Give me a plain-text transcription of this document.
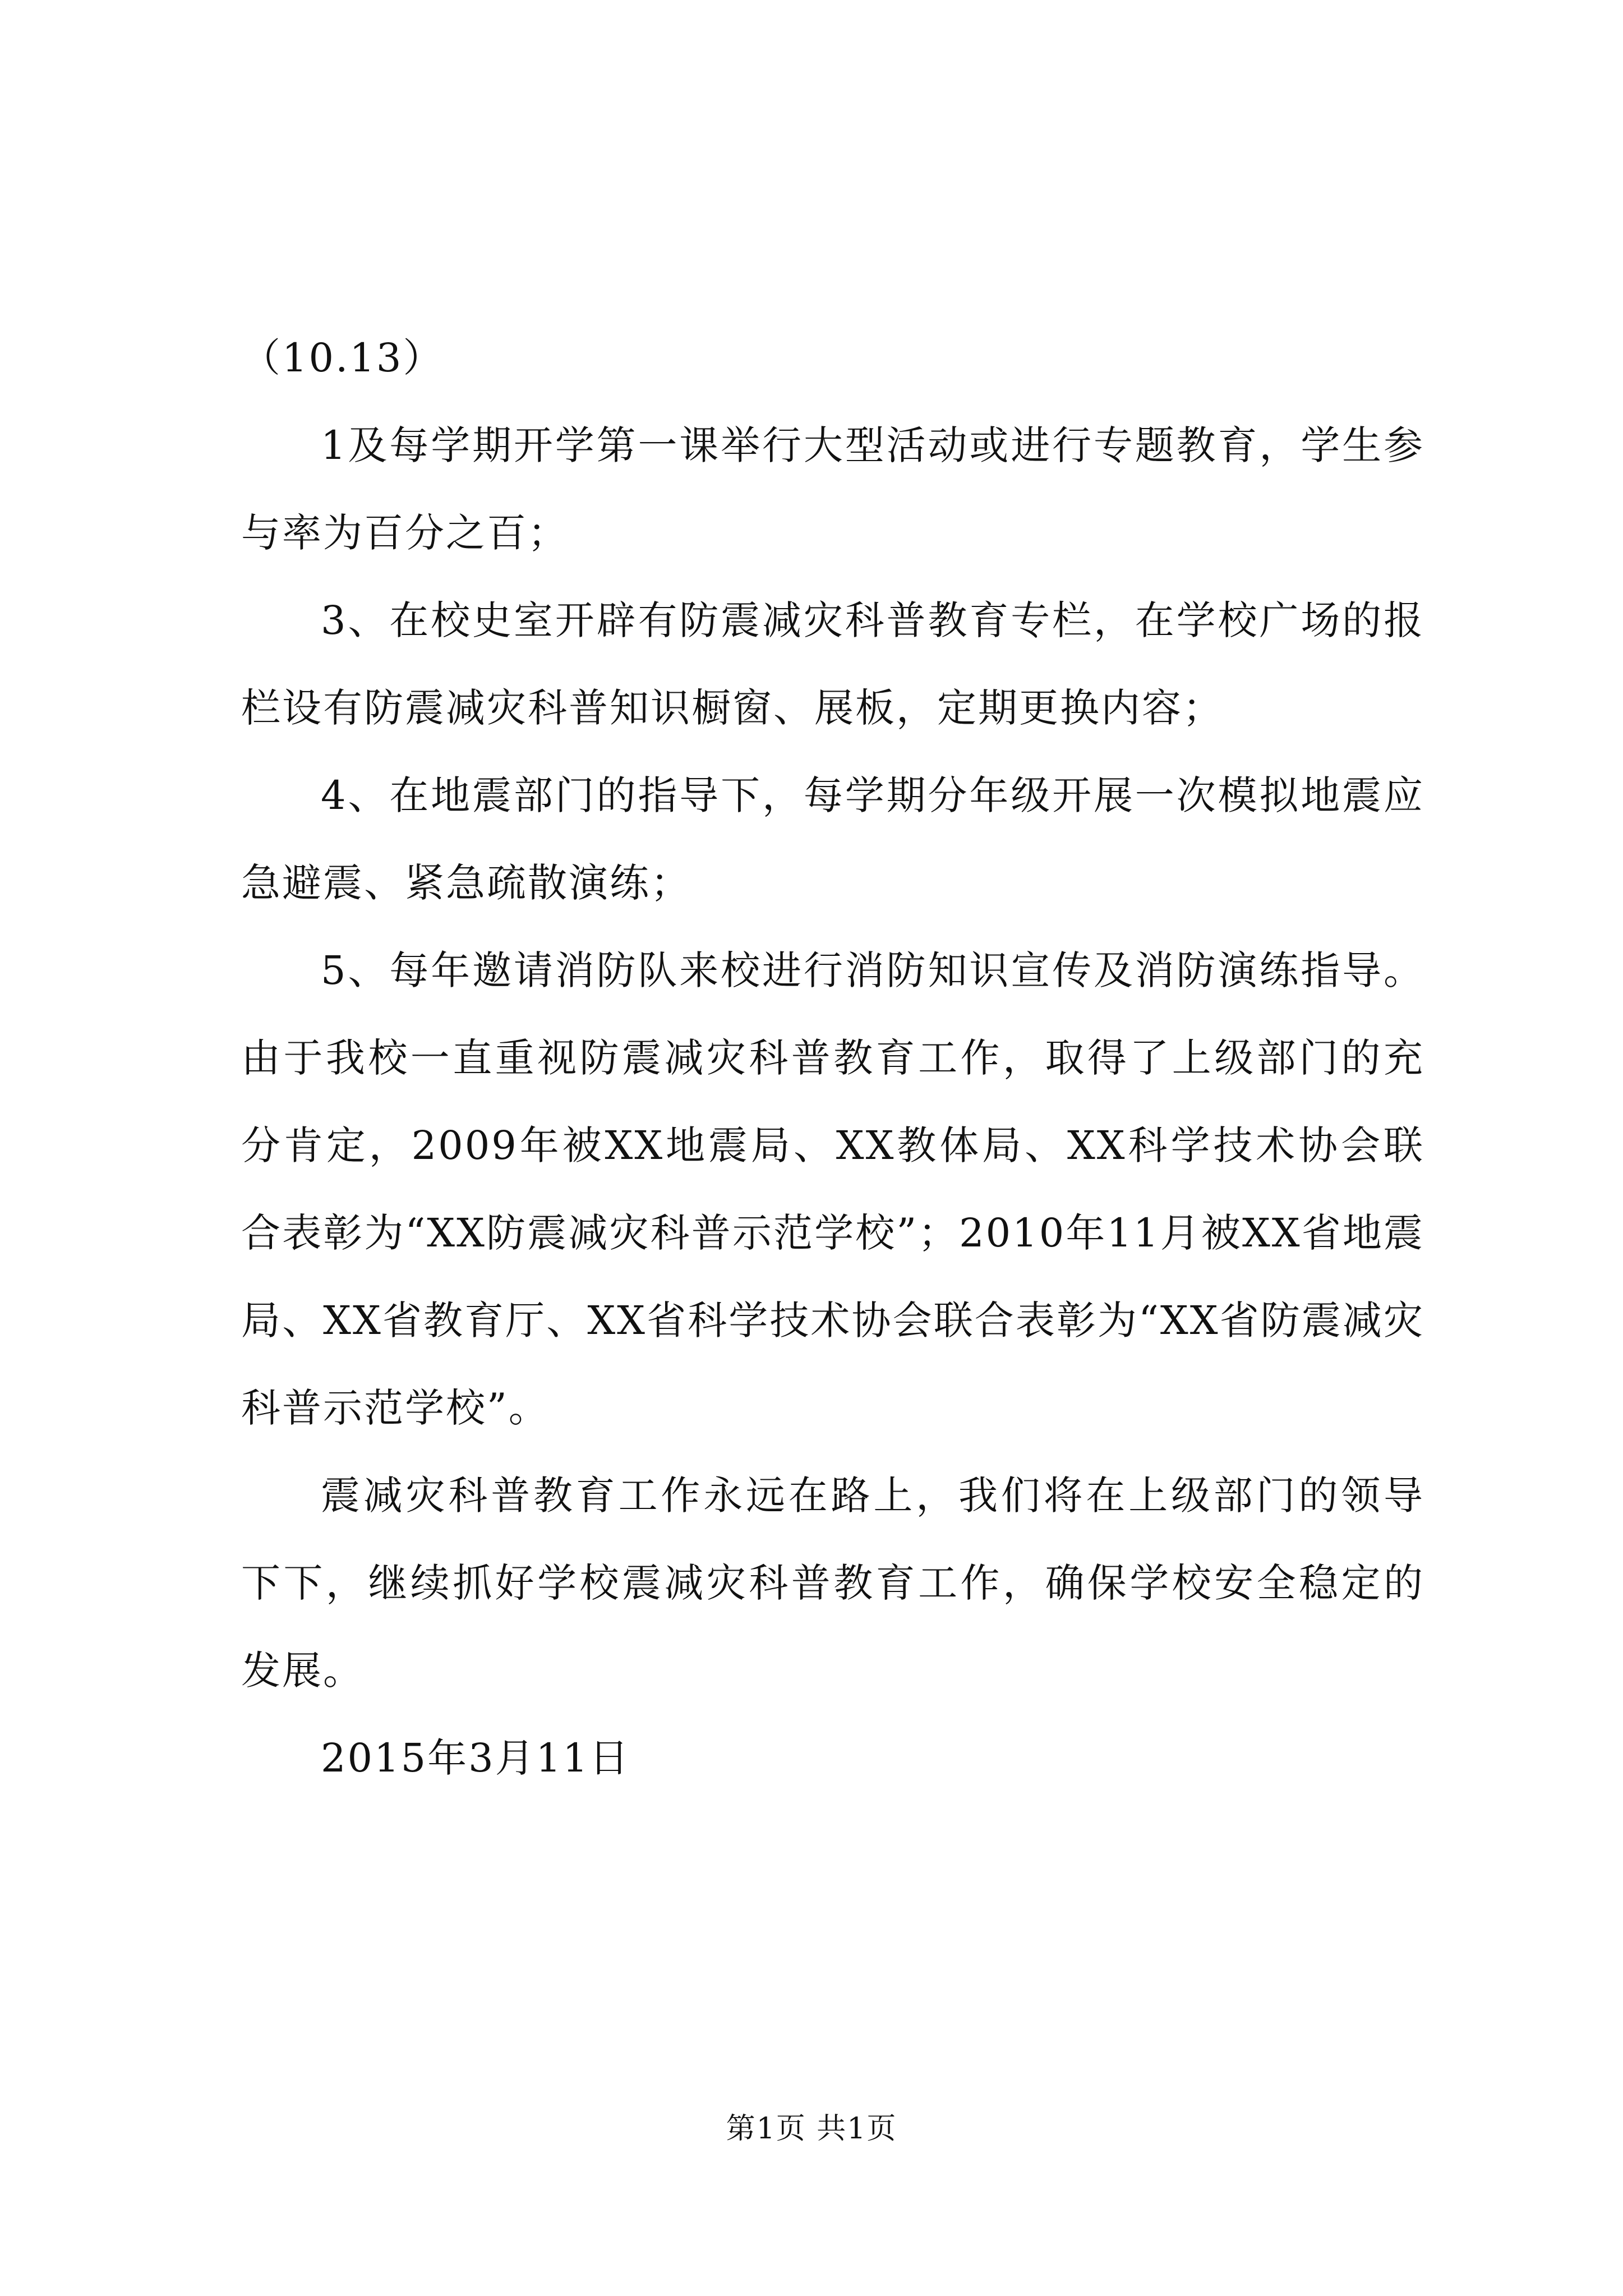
（10.13）

1及每学期开学第一课举行大型活动或进行专题教育，学生参与率为百分之百；

3、在校史室开辟有防震减灾科普教育专栏，在学校广场的报栏设有防震减灾科普知识橱窗、展板，定期更换内容；

4、在地震部门的指导下，每学期分年级开展一次模拟地震应急避震、紧急疏散演练；

5、每年邀请消防队来校进行消防知识宣传及消防演练指导。由于我校一直重视防震减灾科普教育工作，取得了上级部门的充分肯定，2009年被XX地震局、XX教体局、XX科学技术协会联合表彰为“XX防震减灾科普示范学校”；2010年11月被XX省地震局、XX省教育厅、XX省科学技术协会联合表彰为“XX省防震减灾科普示范学校”。

震减灾科普教育工作永远在路上，我们将在上级部门的领导下下，继续抓好学校震减灾科普教育工作，确保学校安全稳定的发展。

2015年3月11日

第1页 共1页
